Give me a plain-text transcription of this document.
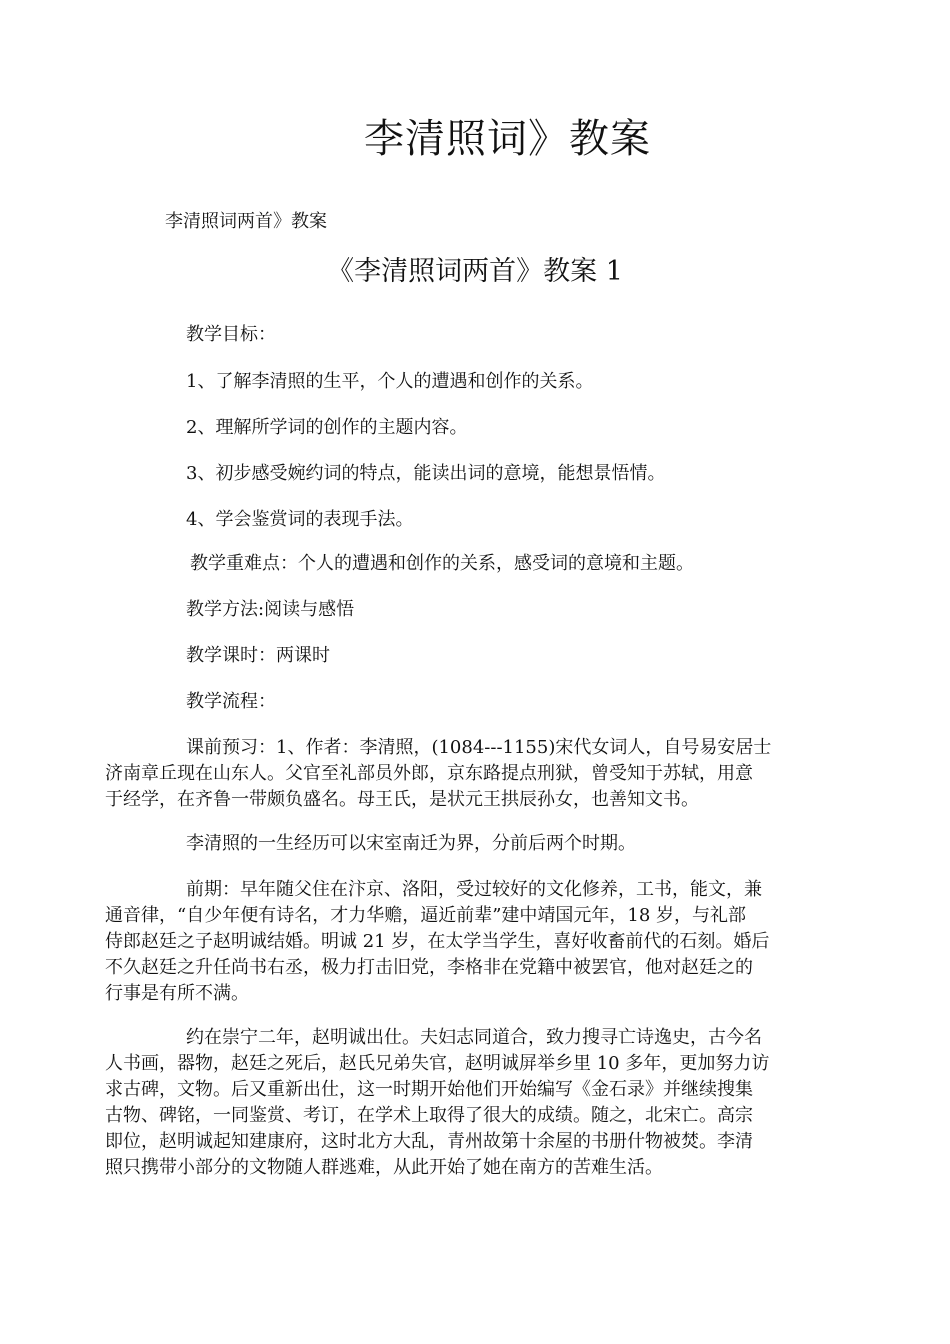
李清照词》教案
李清照词两首》教案
《李清照词两首》教案 1
教学目标：
1、了解李清照的生平，个人的遭遇和创作的关系。
2、理解所学词的创作的主题内容。
3、初步感受婉约词的特点，能读出词的意境，能想景悟情。
4、学会鉴赏词的表现手法。
教学重难点：个人的遭遇和创作的关系，感受词的意境和主题。
教学方法:阅读与感悟
教学课时：两课时
教学流程：
课前预习：1、作者：李清照，(1084---1155)宋代女词人，自号易安居士
济南章丘现在山东人。父官至礼部员外郎，京东路提点刑狱，曾受知于苏轼，用意
于经学，在齐鲁一带颇负盛名。母王氏，是状元王拱辰孙女，也善知文书。
李清照的一生经历可以宋室南迁为界，分前后两个时期。
前期：早年随父住在汴京、洛阳，受过较好的文化修养，工书，能文，兼
通音律，“自少年便有诗名，才力华赡，逼近前辈”建中靖国元年，18 岁，与礼部
侍郎赵廷之子赵明诚结婚。明诚 21 岁，在太学当学生，喜好收畜前代的石刻。婚后
不久赵廷之升任尚书右丞，极力打击旧党，李格非在党籍中被罢官，他对赵廷之的
行事是有所不满。
约在崇宁二年，赵明诚出仕。夫妇志同道合，致力搜寻亡诗逸史，古今名
人书画，器物，赵廷之死后，赵氏兄弟失官，赵明诚屏举乡里 10 多年，更加努力访
求古碑，文物。后又重新出仕，这一时期开始他们开始编写《金石录》并继续搜集
古物、碑铭，一同鉴赏、考订，在学术上取得了很大的成绩。随之，北宋亡。高宗
即位，赵明诚起知建康府，这时北方大乱，青州故第十余屋的书册什物被焚。李清
照只携带小部分的文物随人群逃难，从此开始了她在南方的苦难生活。
